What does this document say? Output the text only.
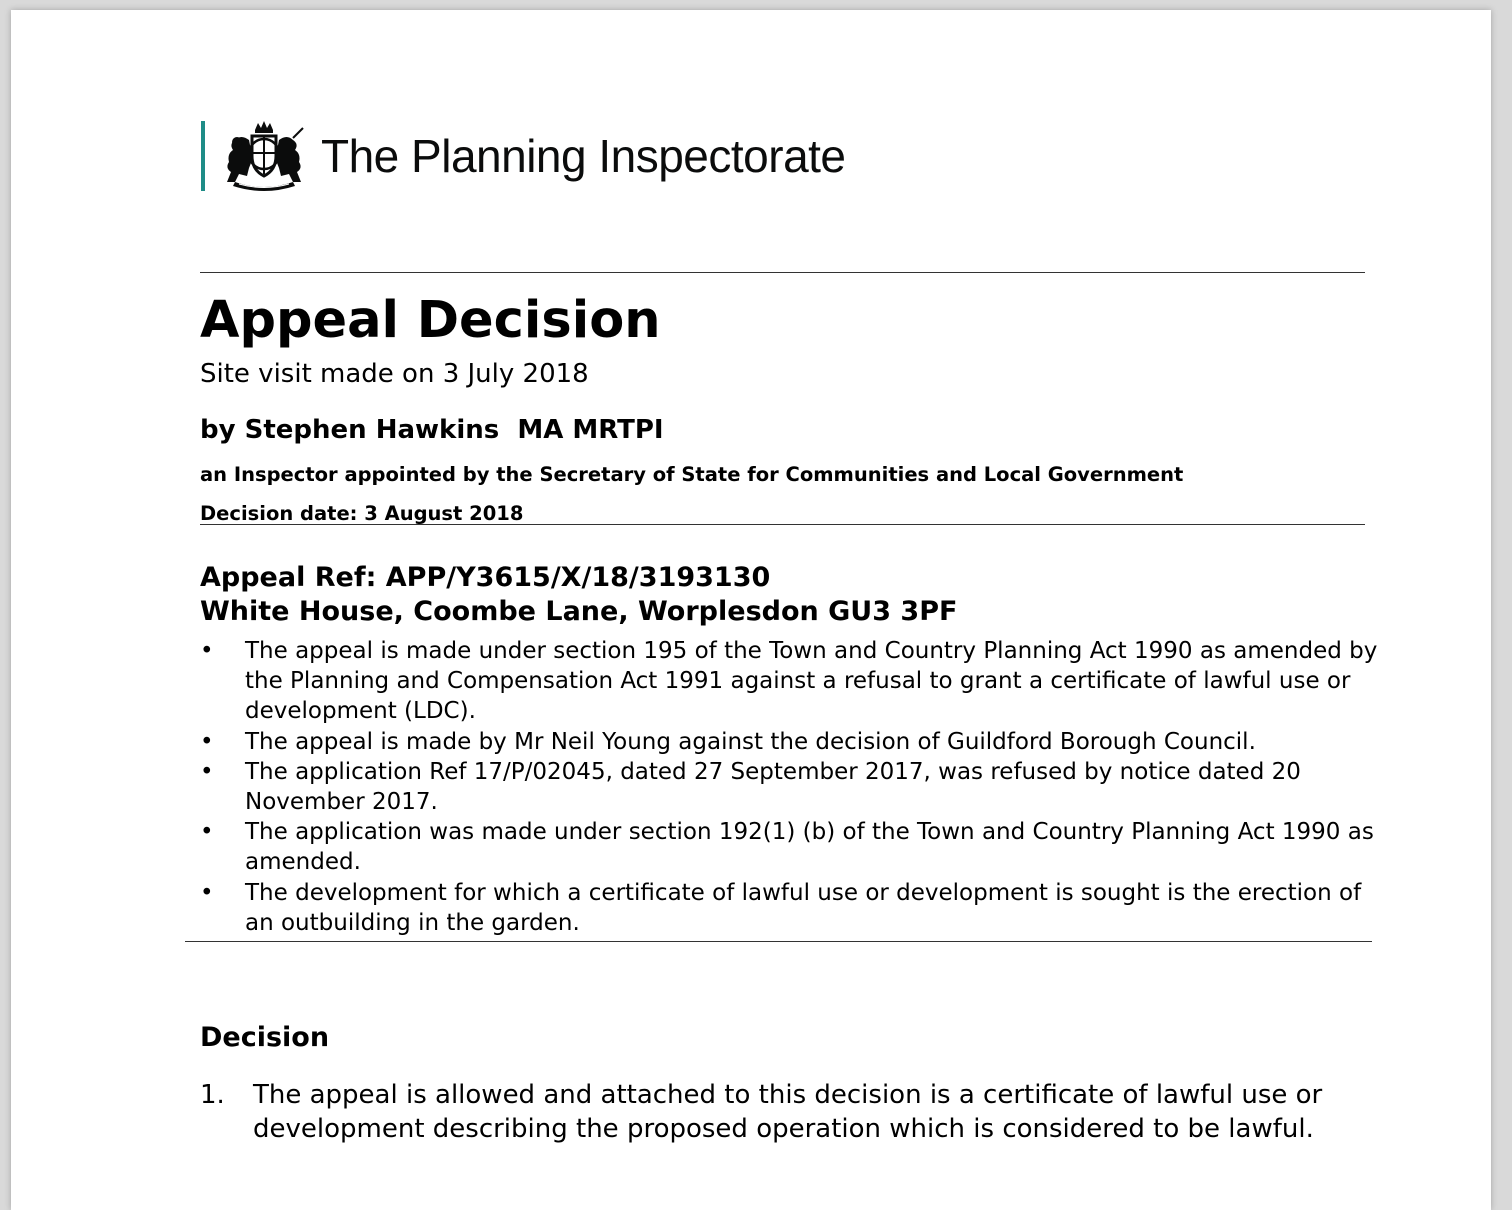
The Planning Inspectorate
Appeal Decision
Site visit made on 3 July 2018
by Stephen Hawkins  MA MRTPI
an Inspector appointed by the Secretary of State for Communities and Local Government
Decision date: 3 August 2018
Appeal Ref: APP/Y3615/X/18/3193130
White House, Coombe Lane, Worplesdon GU3 3PF
• The appeal is made under section 195 of the Town and Country Planning Act 1990 as amended by the Planning and Compensation Act 1991 against a refusal to grant a certificate of lawful use or development (LDC).
• The appeal is made by Mr Neil Young against the decision of Guildford Borough Council.
• The application Ref 17/P/02045, dated 27 September 2017, was refused by notice dated 20 November 2017.
• The application was made under section 192(1) (b) of the Town and Country Planning Act 1990 as amended.
• The development for which a certificate of lawful use or development is sought is the erection of an outbuilding in the garden.
Decision
1.	The appeal is allowed and attached to this decision is a certificate of lawful use or development describing the proposed operation which is considered to be lawful.
